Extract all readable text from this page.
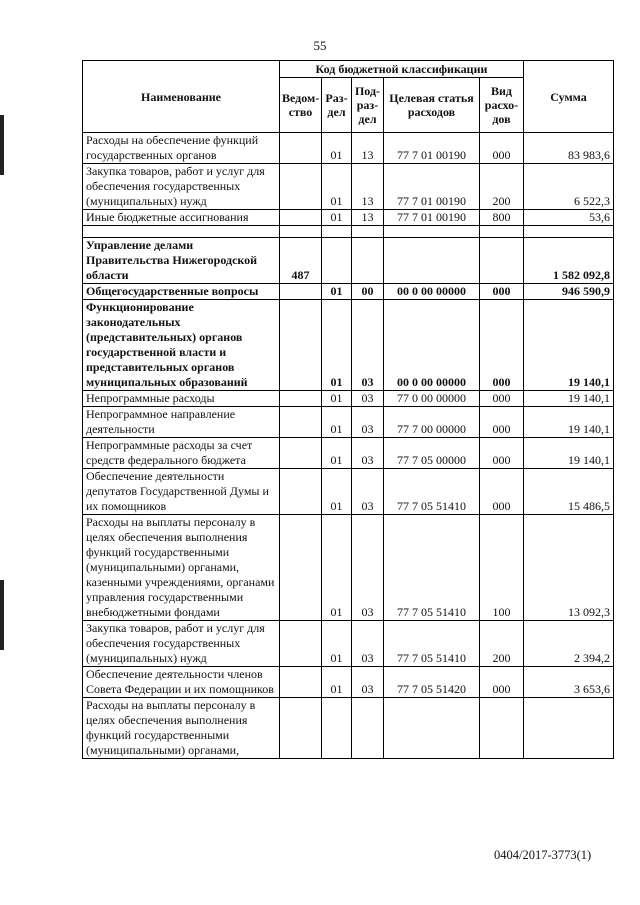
55
Наименование	Код бюджетной классификации					Сумма
	Ведом-ство	Раз-дел	Под-раз-дел	Целевая статья расходов	Вид расхо-дов	
Расходы на обеспечение функций государственных органов		01	13	77 7 01 00190	000	83 983,6
Закупка товаров, работ и услуг для обеспечения государственных (муниципальных) нужд		01	13	77 7 01 00190	200	6 522,3
Иные бюджетные ассигнования		01	13	77 7 01 00190	800	53,6

Управление делами Правительства Нижегородской области	487					1 582 092,8
Общегосударственные вопросы		01	00	00 0 00 00000	000	946 590,9
Функционирование законодательных (представительных) органов государственной власти и представительных органов муниципальных образований		01	03	00 0 00 00000	000	19 140,1
Непрограммные расходы		01	03	77 0 00 00000	000	19 140,1
Непрограммное направление деятельности		01	03	77 7 00 00000	000	19 140,1
Непрограммные расходы за счет средств федерального бюджета		01	03	77 7 05 00000	000	19 140,1
Обеспечение деятельности депутатов Государственной Думы и их помощников		01	03	77 7 05 51410	000	15 486,5
Расходы на выплаты персоналу в целях обеспечения выполнения функций государственными (муниципальными) органами, казенными учреждениями, органами управления государственными внебюджетными фондами		01	03	77 7 05 51410	100	13 092,3
Закупка товаров, работ и услуг для обеспечения государственных (муниципальных) нужд		01	03	77 7 05 51410	200	2 394,2
Обеспечение деятельности членов Совета Федерации и их помощников		01	03	77 7 05 51420	000	3 653,6
Расходы на выплаты персоналу в целях обеспечения выполнения функций государственными (муниципальными) органами,						
0404/2017-3773(1)
